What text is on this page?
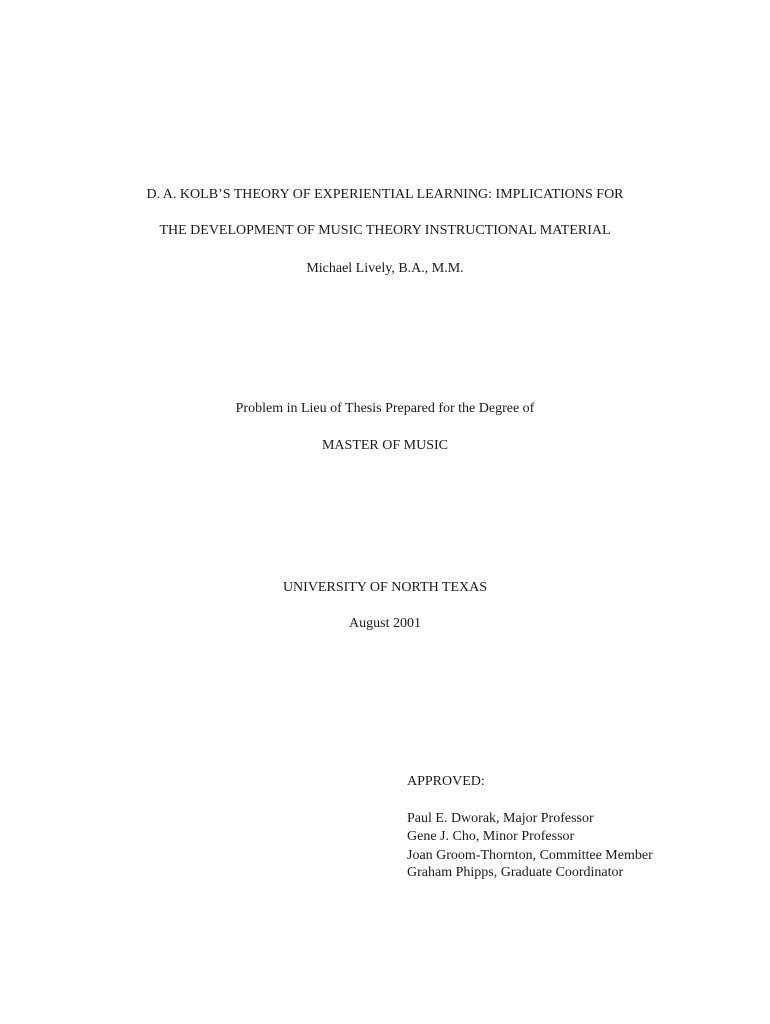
D. A. KOLB’S THEORY OF EXPERIENTIAL LEARNING: IMPLICATIONS FOR
THE DEVELOPMENT OF MUSIC THEORY INSTRUCTIONAL MATERIAL
Michael Lively, B.A., M.M.
Problem in Lieu of Thesis Prepared for the Degree of
MASTER OF MUSIC
UNIVERSITY OF NORTH TEXAS
August 2001
APPROVED:
Paul E. Dworak, Major Professor
Gene J. Cho, Minor Professor
Joan Groom-Thornton, Committee Member
Graham Phipps, Graduate Coordinator
